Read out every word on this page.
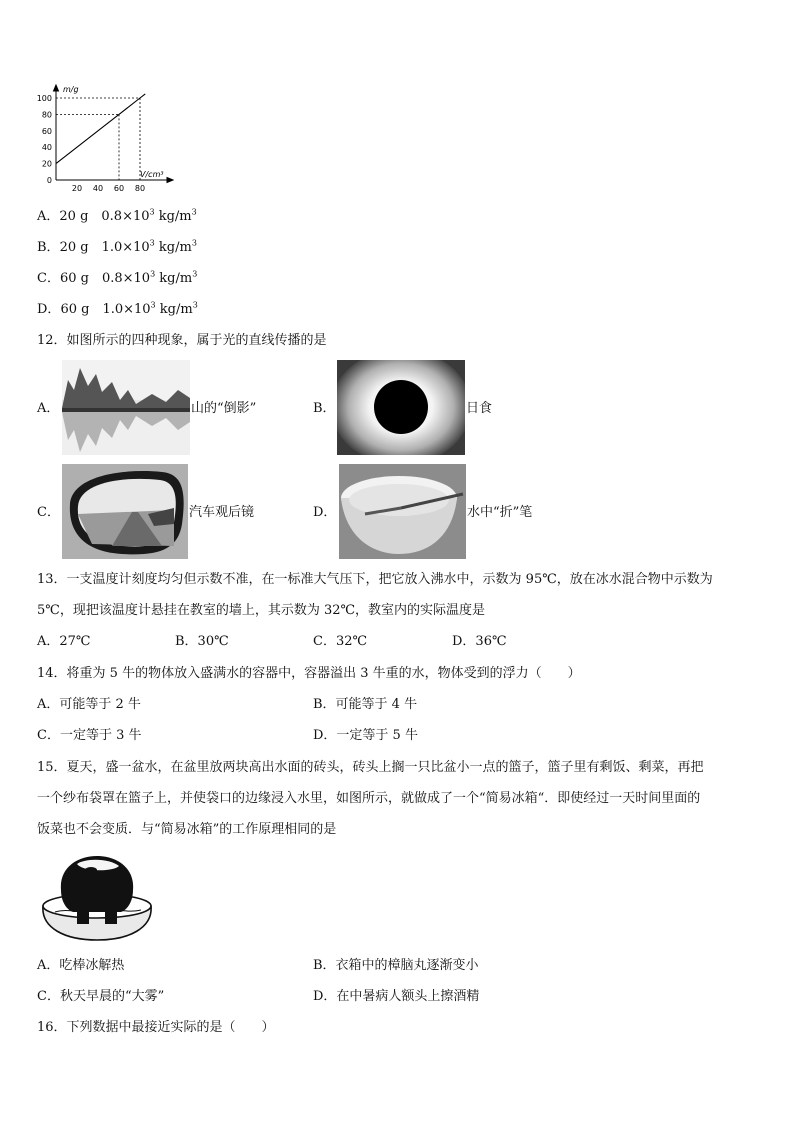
100
80
60
40
20
0
20 40 60 80
m/g
V/cm³
A．20 g  $0.8\times 10^3$ $kg/m^3$
B．20 g  $1.0\times 10^3$ $kg/m^3$
C．60 g  $0.8\times 10^3$ $kg/m^3$
D．60 g  $1.0\times 10^3$ $kg/m^3$
12．如图所示的四种现象，属于光的直线传播的是
A．	山的“倒影”	B．	日食
C．	汽车观后镜	D．	水中“折”笔
13．一支温度计刻度均匀但示数不准，在一标准大气压下，把它放入沸水中，示数为 95℃，放在冰水混合物中示数为
5℃，现把该温度计悬挂在教室的墙上，其示数为 32℃，教室内的实际温度是
A．27℃	B．30℃	C．32℃	D．36℃
14．将重为 5 牛的物体放入盛满水的容器中，容器溢出 3 牛重的水，物体受到的浮力（　　）
A．可能等于 2 牛	B．可能等于 4 牛
C．一定等于 3 牛	D．一定等于 5 牛
15．夏天，盛一盆水，在盆里放两块高出水面的砖头，砖头上搁一只比盆小一点的篮子，篮子里有剩饭、剩菜，再把
一个纱布袋罩在篮子上，并使袋口的边缘浸入水里，如图所示，就做成了一个“简易冰箱“．即使经过一天时间里面的
饭菜也不会变质．与“简易冰箱”的工作原理相同的是
A．吃棒冰解热	B．衣箱中的樟脑丸逐渐变小
C．秋天早晨的“大雾”	D．在中暑病人额头上擦酒精
16．下列数据中最接近实际的是（　　）
